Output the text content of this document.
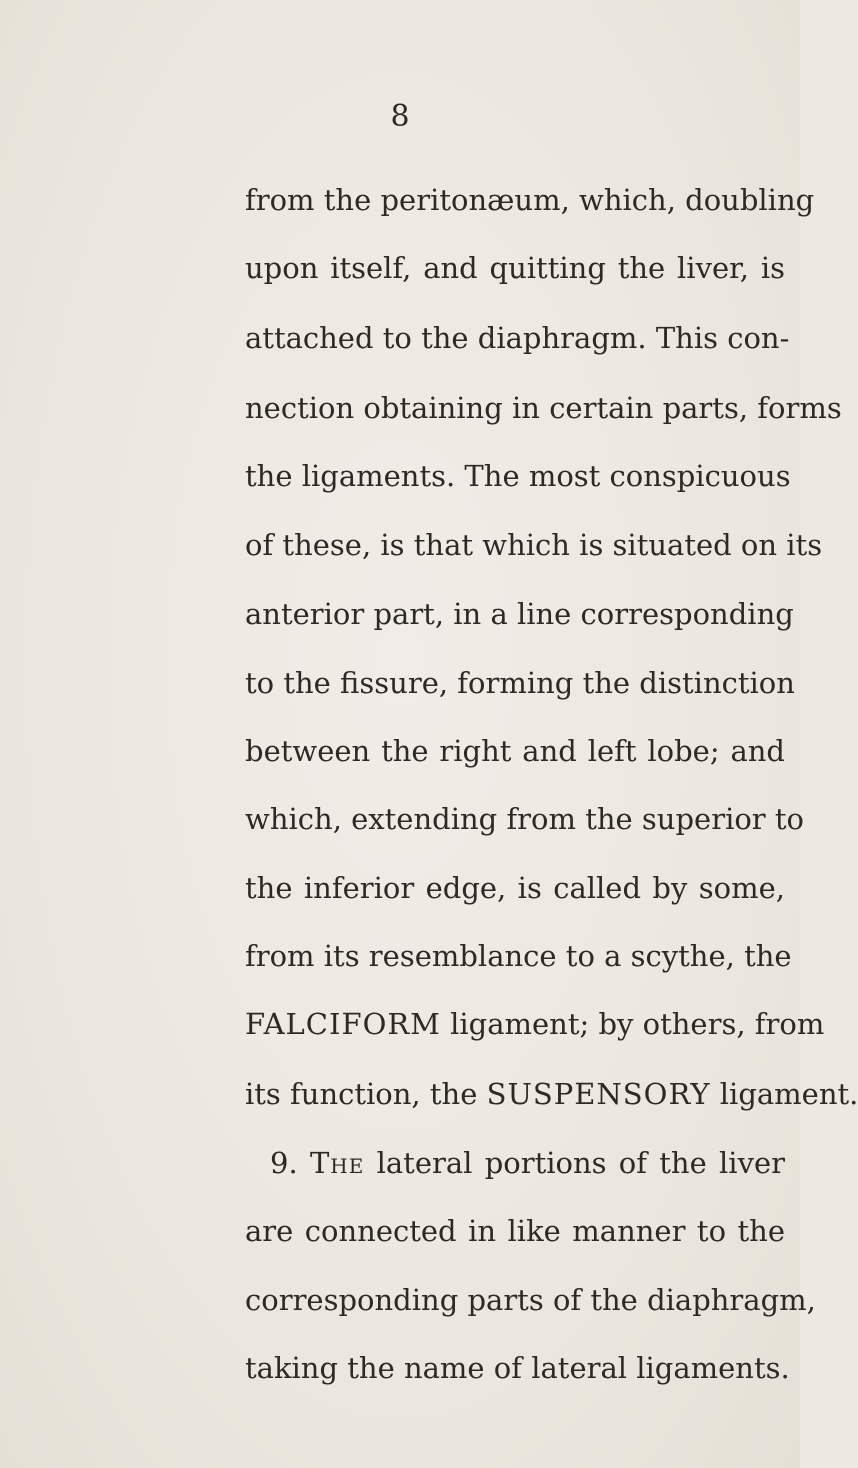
8
from the peritonæum, which, doubling
upon itself, and quitting the liver, is
attached to the diaphragm. This con-
nection obtaining in certain parts, forms
the ligaments. The most conspicuous
of these, is that which is situated on its
anterior part, in a line corresponding
to the fissure, forming the distinction
between the right and left lobe; and
which, extending from the superior to
the inferior edge, is called by some,
from its resemblance to a scythe, the
FALCIFORM ligament; by others, from
its function, the SUSPENSORY ligament.
9. The lateral portions of the liver
are connected in like manner to the
corresponding parts of the diaphragm,
taking the name of lateral ligaments.
